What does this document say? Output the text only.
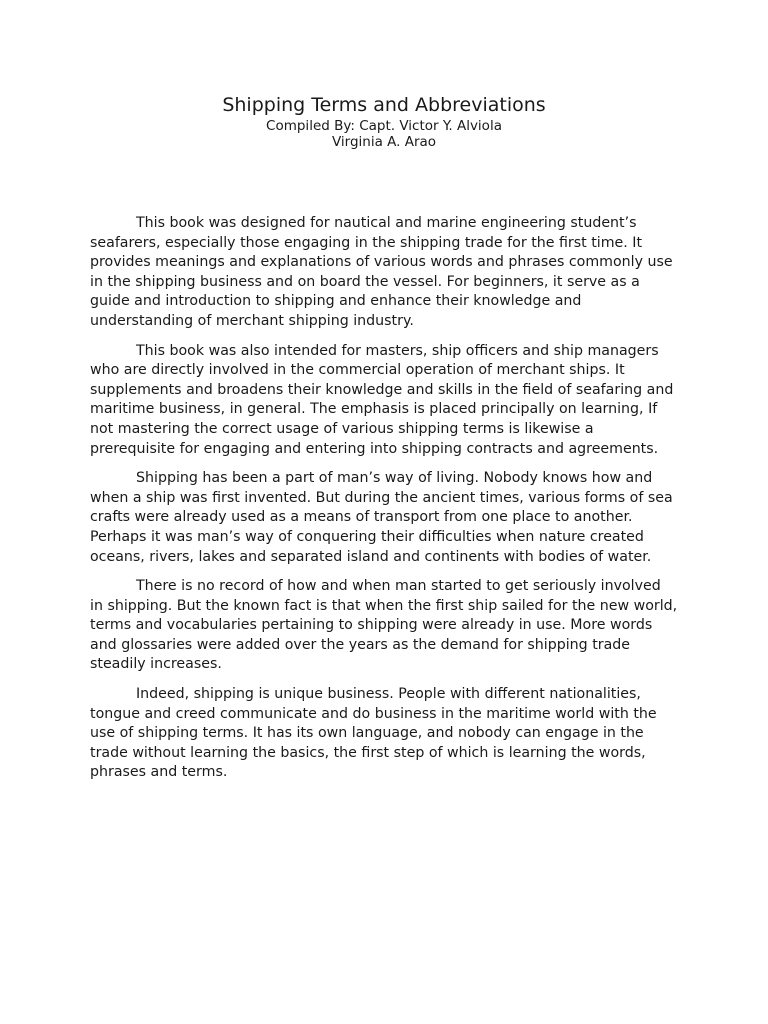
Shipping Terms and Abbreviations

Compiled By: Capt. Victor Y. Alviola

Virginia A. Arao

This book was designed for nautical and marine engineering student’s seafarers, especially those engaging in the shipping trade for the first time. It provides meanings and explanations of various words and phrases commonly use in the shipping business and on board the vessel. For beginners, it serve as a guide and introduction to shipping and enhance their knowledge and understanding of merchant shipping industry.

This book was also intended for masters, ship officers and ship managers who are directly involved in the commercial operation of merchant ships. It supplements and broadens their knowledge and skills in the field of seafaring and maritime business, in general. The emphasis is placed principally on learning, If not mastering the correct usage of various shipping terms is likewise a prerequisite for engaging and entering into shipping contracts and agreements.

Shipping has been a part of man’s way of living. Nobody knows how and when a ship was first invented. But during the ancient times, various forms of sea crafts were already used as a means of transport from one place to another. Perhaps it was man’s way of conquering their difficulties when nature created oceans, rivers, lakes and separated island and continents with bodies of water.

There is no record of how and when man started to get seriously involved in shipping. But the known fact is that when the first ship sailed for the new world, terms and vocabularies pertaining to shipping were already in use. More words and glossaries were added over the years as the demand for shipping trade steadily increases.

Indeed, shipping is unique business. People with different nationalities, tongue and creed communicate and do business in the maritime world with the use of shipping terms. It has its own language, and nobody can engage in the trade without learning the basics, the first step of which is learning the words, phrases and terms.
